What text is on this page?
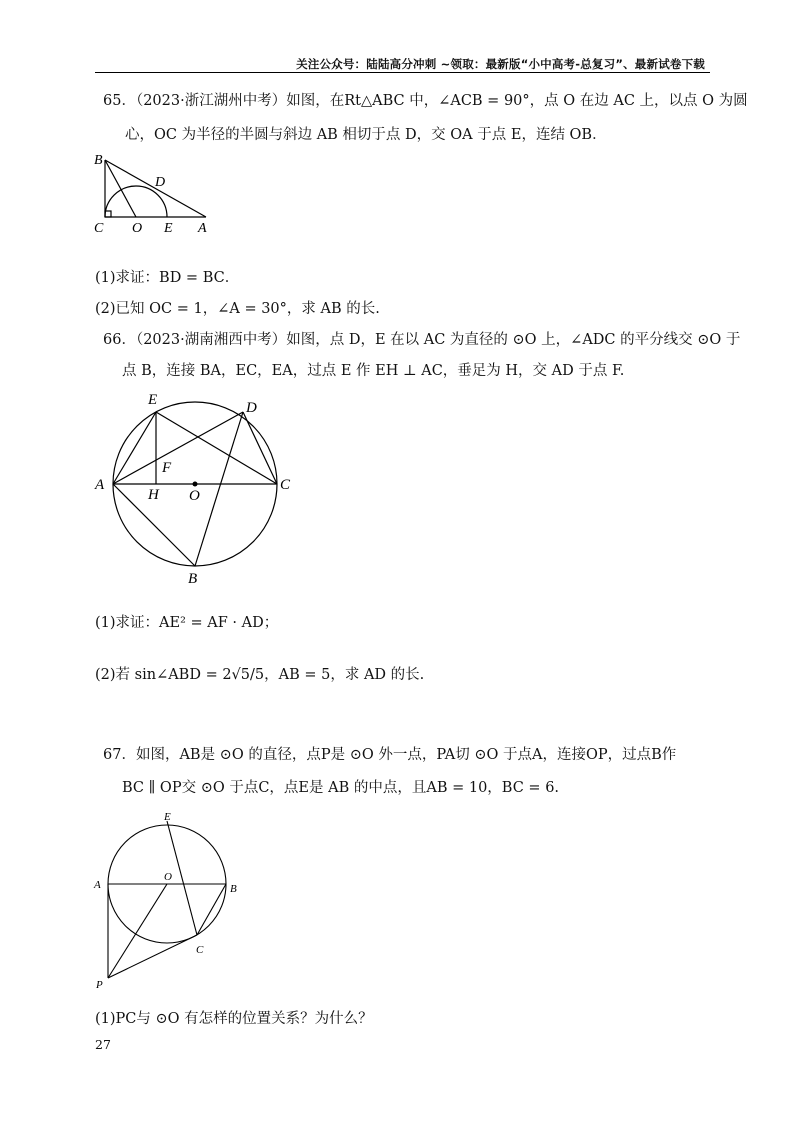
关注公众号：陆陆高分冲刺 ~领取：最新版“小中高考-总复习”、最新试卷下载
65．（2023·浙江湖州中考）如图，在Rt△ABC 中，∠ACB = 90°，点 O 在边 AC 上，以点 O 为圆
心，OC 为半径的半圆与斜边 AB 相切于点 D，交 OA 于点 E，连结 OB．
B
D
C O E A
(1)求证：BD = BC．
(2)已知 OC = 1，∠A = 30°，求 AB 的长.
66．（2023·湖南湘西中考）如图，点 D，E 在以 AC 为直径的 ⊙O 上，∠ADC 的平分线交 ⊙O 于
点 B，连接 BA，EC，EA，过点 E 作 EH ⊥ AC，垂足为 H，交 AD 于点 F.
E	D
A	C
F
H O
B
(1)求证：AE² = AF · AD；
(2)若 sin∠ABD = 2√5/5，AB = 5，求 AD 的长.
67．如图，AB是 ⊙O 的直径，点P是 ⊙O 外一点，PA切 ⊙O 于点A，连接OP，过点B作
BC ∥ OP交 ⊙O 于点C，点E是 AB 的中点，且AB = 10，BC = 6.
E
A
O
B
C
P
(1)PC与 ⊙O 有怎样的位置关系？为什么？
27
